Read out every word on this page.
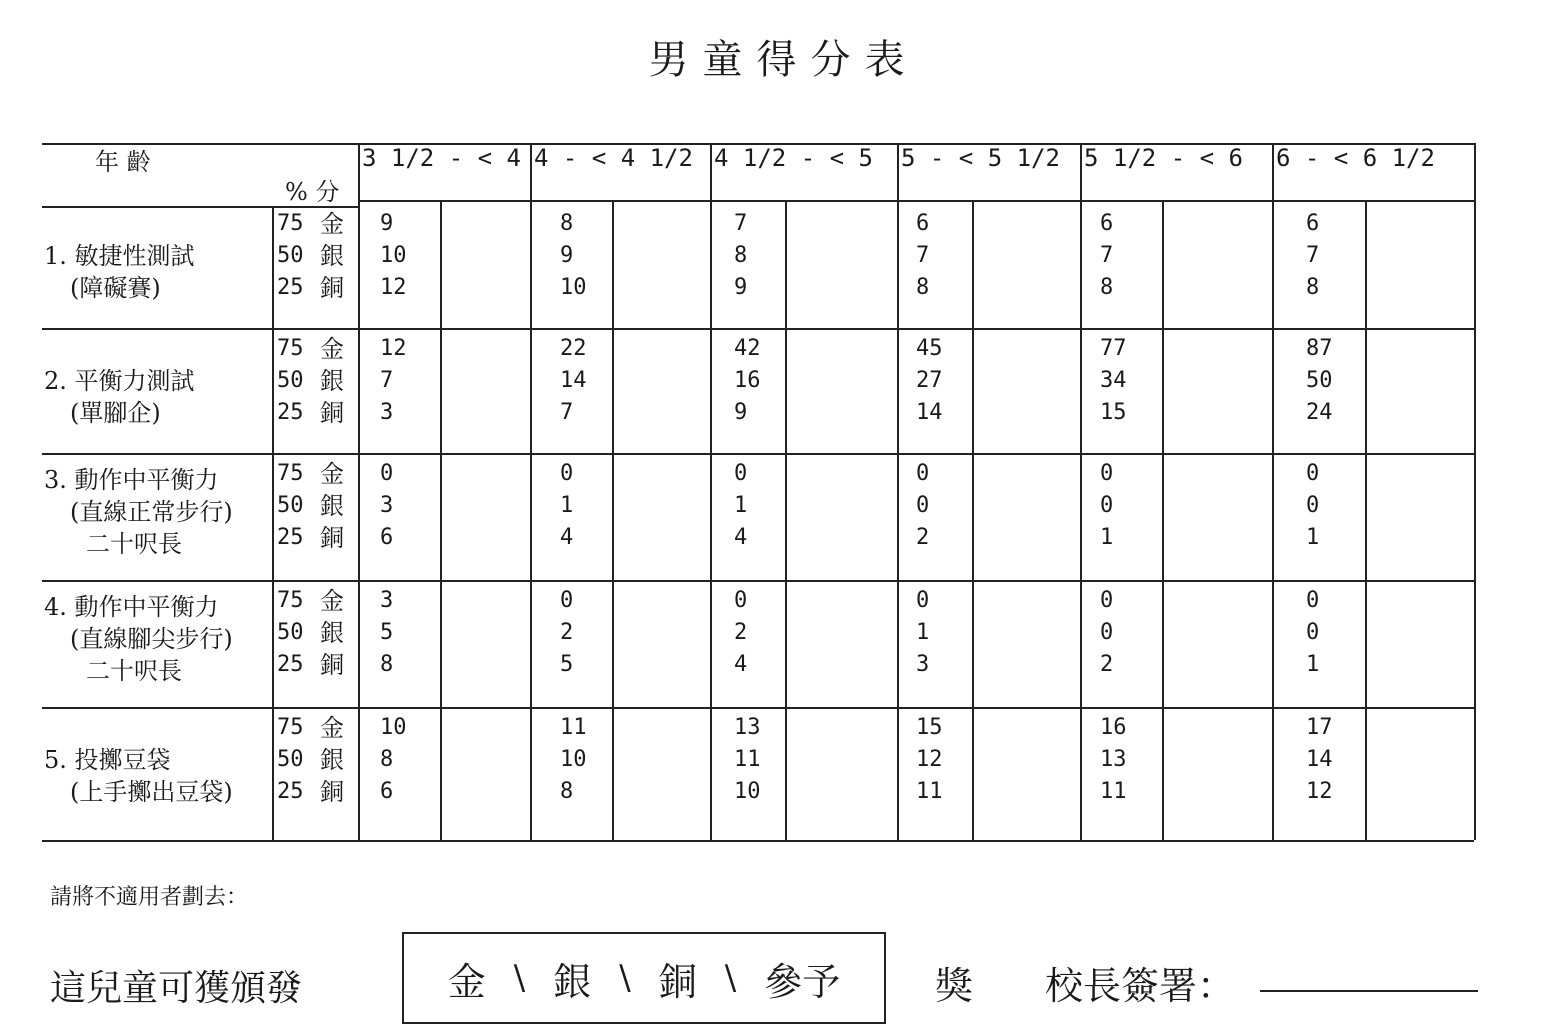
男童得分表
年 齡
% 分
3 1/2 - < 4 4 - < 4 1/2 4 1/2 - < 5 5 - < 5 1/2 5 1/2 - < 6 6 - < 6 1/2
1. 敏捷性測試
(障礙賽)
75 金
50 銀
25 銅
9
10
12
8
9
10
7
8
9
6
7
8
6
7
8
6
7
8
2. 平衡力測試
(單腳企)
75 金
50 銀
25 銅
12
7
3
22
14
7
42
16
9
45
27
14
77
34
15
87
50
24
3. 動作中平衡力
(直線正常步行)
二十呎長
75 金
50 銀
25 銅
0
3
6
0
1
4
0
1
4
0
0
2
0
0
1
0
0
1
4. 動作中平衡力
(直線腳尖步行)
二十呎長
75 金
50 銀
25 銅
3
5
8
0
2
5
0
2
4
0
1
3
0
0
2
0
0
1
5. 投擲豆袋
(上手擲出豆袋)
75 金
50 銀
25 銅
10
8
6
11
10
8
13
11
10
15
12
11
16
13
11
17
14
12
請將不適用者劃去：
這兒童可獲頒發	金 \ 銀 \ 銅 \ 參予 獎 校長簽署：
